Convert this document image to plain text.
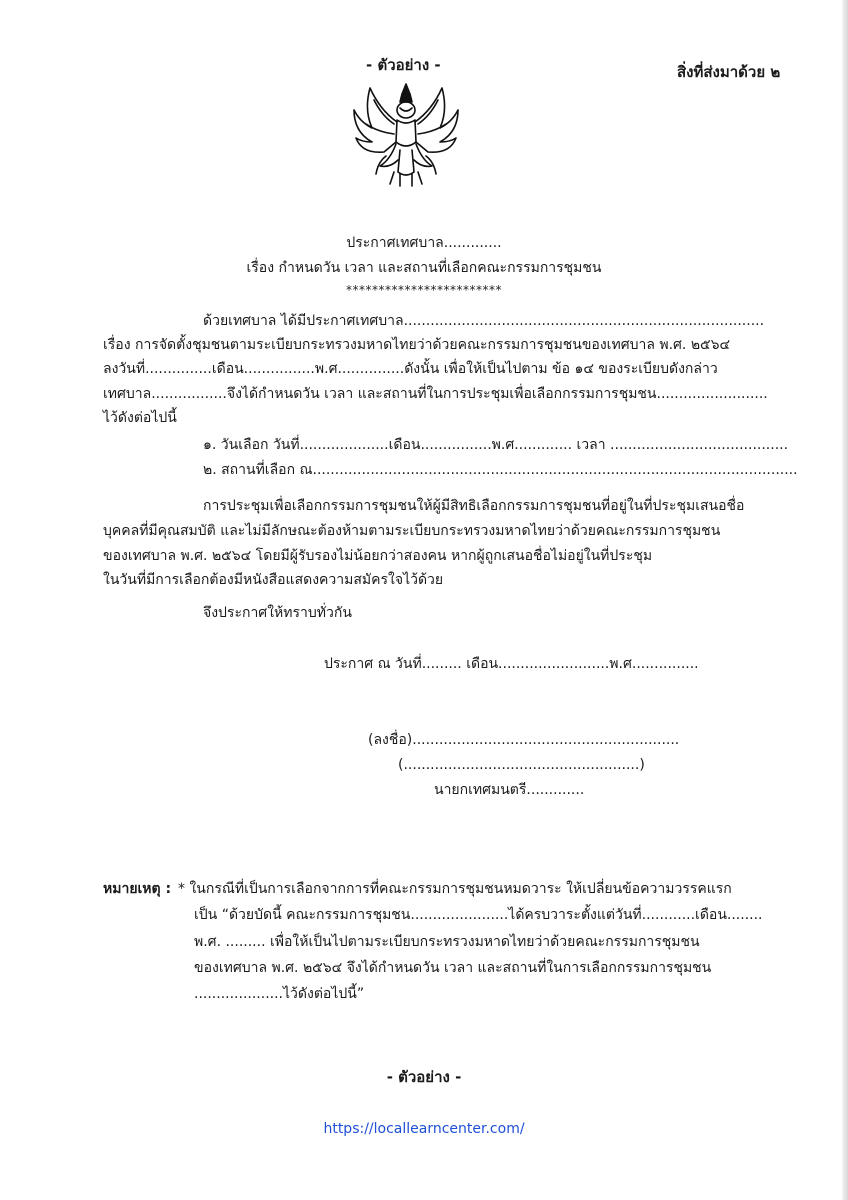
- ตัวอย่าง -	สิ่งที่ส่งมาด้วย ๒
ประกาศเทศบาล.............
เรื่อง กำหนดวัน เวลา และสถานที่เลือกคณะกรรมการชุมชน
************************
ด้วยเทศบาล ได้มีประกาศเทศบาล.................................................................................
เรื่อง การจัดตั้งชุมชนตามระเบียบกระทรวงมหาดไทยว่าด้วยคณะกรรมการชุมชนของเทศบาล พ.ศ. ๒๕๖๔
ลงวันที่...............เดือน................พ.ศ...............ดังนั้น เพื่อให้เป็นไปตาม ข้อ ๑๔ ของระเบียบดังกล่าว
เทศบาล.................จึงได้กำหนดวัน เวลา และสถานที่ในการประชุมเพื่อเลือกกรรมการชุมชน.........................
ไว้ดังต่อไปนี้
๑. วันเลือก วันที่....................เดือน................พ.ศ............. เวลา ........................................
๒. สถานที่เลือก ณ.............................................................................................................
การประชุมเพื่อเลือกกรรมการชุมชนให้ผู้มีสิทธิเลือกกรรมการชุมชนที่อยู่ในที่ประชุมเสนอชื่อ
บุคคลที่มีคุณสมบัติ และไม่มีลักษณะต้องห้ามตามระเบียบกระทรวงมหาดไทยว่าด้วยคณะกรรมการชุมชน
ของเทศบาล พ.ศ. ๒๕๖๔ โดยมีผู้รับรองไม่น้อยกว่าสองคน หากผู้ถูกเสนอชื่อไม่อยู่ในที่ประชุม
ในวันที่มีการเลือกต้องมีหนังสือแสดงความสมัครใจไว้ด้วย
จึงประกาศให้ทราบทั่วกัน
ประกาศ ณ วันที่......... เดือน.........................พ.ศ...............
(ลงชื่อ)............................................................
(.....................................................)
นายกเทศมนตรี.............
หมายเหตุ : * ในกรณีที่เป็นการเลือกจากการที่คณะกรรมการชุมชนหมดวาระ ให้เปลี่ยนข้อความวรรคแรก
เป็น “ด้วยบัดนี้ คณะกรรมการชุมชน......................ได้ครบวาระตั้งแต่วันที่............เดือน........
พ.ศ. ......... เพื่อให้เป็นไปตามระเบียบกระทรวงมหาดไทยว่าด้วยคณะกรรมการชุมชน
ของเทศบาล พ.ศ. ๒๕๖๔ จึงได้กำหนดวัน เวลา และสถานที่ในการเลือกกรรมการชุมชน
....................ไว้ดังต่อไปนี้”
- ตัวอย่าง -
https://locallearncenter.com/
